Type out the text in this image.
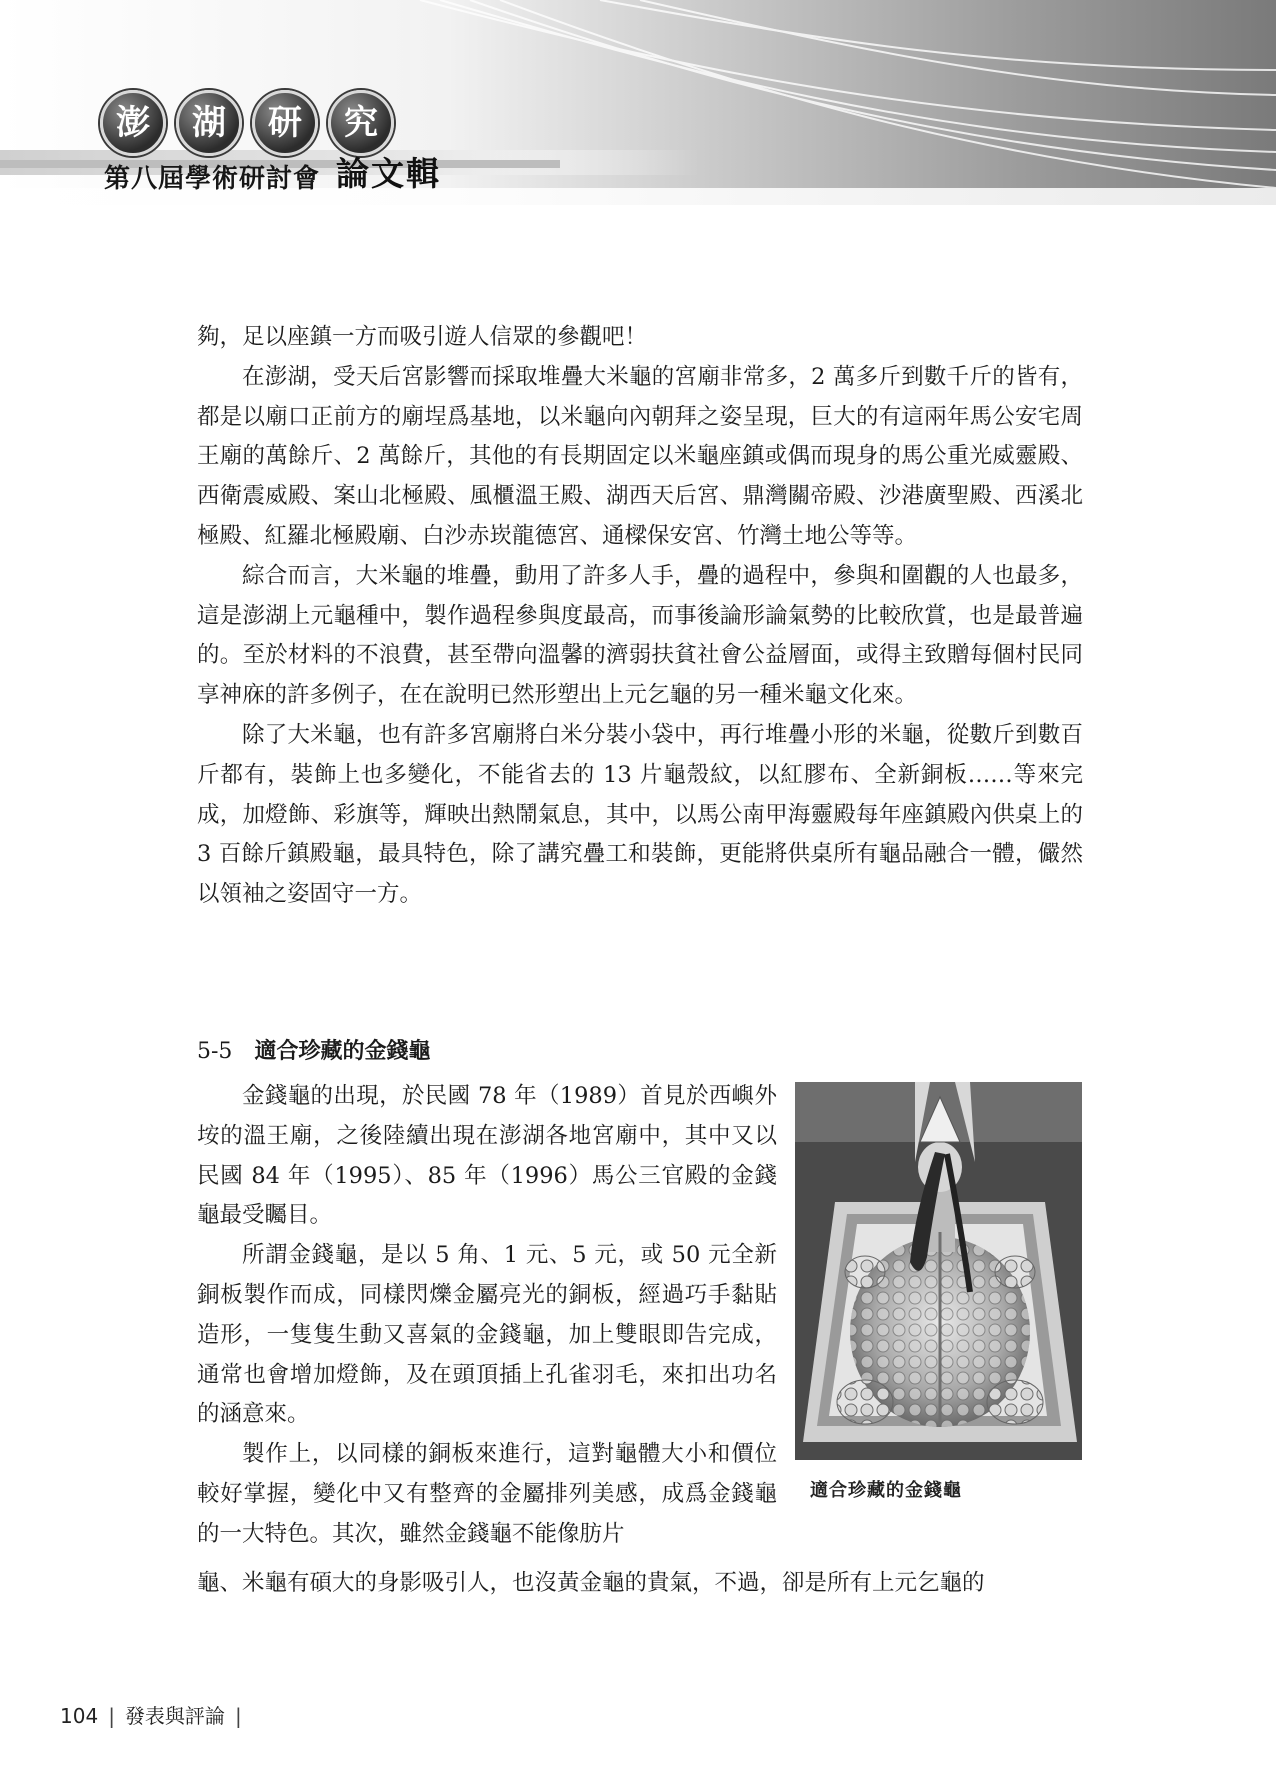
澎	湖	研	究
第八屆學術研討會 論文輯

夠，足以座鎮一方而吸引遊人信眾的參觀吧！

在澎湖，受天后宮影響而採取堆疊大米龜的宮廟非常多，2 萬多斤到數千斤的皆有，都是以廟口正前方的廟埕爲基地，以米龜向內朝拜之姿呈現，巨大的有這兩年馬公安宅周王廟的萬餘斤、2 萬餘斤，其他的有長期固定以米龜座鎮或偶而現身的馬公重光威靈殿、西衛震威殿、案山北極殿、風櫃溫王殿、湖西天后宮、鼎灣關帝殿、沙港廣聖殿、西溪北極殿、紅羅北極殿廟、白沙赤崁龍德宮、通樑保安宮、竹灣土地公等等。

綜合而言，大米龜的堆疊，動用了許多人手，疊的過程中，參與和圍觀的人也最多，這是澎湖上元龜種中，製作過程參與度最高，而事後論形論氣勢的比較欣賞，也是最普遍的。至於材料的不浪費，甚至帶向溫馨的濟弱扶貧社會公益層面，或得主致贈每個村民同享神庥的許多例子，在在說明已然形塑出上元乞龜的另一種米龜文化來。

除了大米龜，也有許多宮廟將白米分裝小袋中，再行堆疊小形的米龜，從數斤到數百斤都有，裝飾上也多變化，不能省去的 13 片龜殼紋，以紅膠布、全新銅板……等來完成，加燈飾、彩旗等，輝映出熱鬧氣息，其中，以馬公南甲海靈殿每年座鎮殿內供桌上的 3 百餘斤鎮殿龜，最具特色，除了講究疊工和裝飾，更能將供桌所有龜品融合一體，儼然以領袖之姿固守一方。

5-5 適合珍藏的金錢龜

金錢龜的出現，於民國 78 年（1989）首見於西嶼外垵的溫王廟，之後陸續出現在澎湖各地宮廟中，其中又以民國 84 年（1995）、85 年（1996）馬公三官殿的金錢龜最受矚目。

所謂金錢龜，是以 5 角、1 元、5 元，或 50 元全新銅板製作而成，同樣閃爍金屬亮光的銅板，經過巧手黏貼造形，一隻隻生動又喜氣的金錢龜，加上雙眼即告完成，通常也會增加燈飾，及在頭頂插上孔雀羽毛，來扣出功名的涵意來。

製作上，以同樣的銅板來進行，這對龜體大小和價位較好掌握，變化中又有整齊的金屬排列美感，成爲金錢龜的一大特色。其次，雖然金錢龜不能像肪片

龜、米龜有碩大的身影吸引人，也沒黃金龜的貴氣，不過，卻是所有上元乞龜的

適合珍藏的金錢龜
104 | 發表與評論 |
